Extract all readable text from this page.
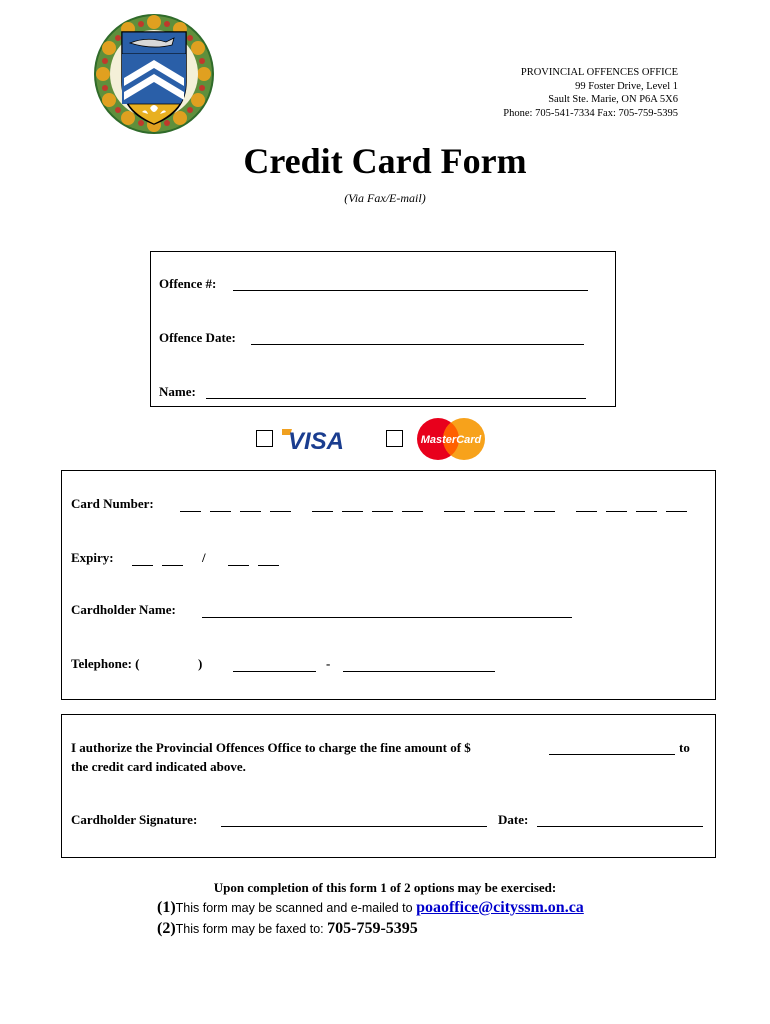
PROVINCIAL OFFENCES OFFICE
99 Foster Drive, Level 1
Sault Ste. Marie, ON P6A 5X6
Phone: 705-541-7334 Fax: 705-759-5395
Credit Card Form
(Via Fax/E-mail)
Offence #:
Offence Date:
Name:
VISA	MasterCard
Card Number:
Expiry:	/
Cardholder Name:
Telephone: (	)	-
I authorize the Provincial Offences Office to charge the fine amount of $	to
the credit card indicated above.
Cardholder Signature:	Date:
Upon completion of this form 1 of 2 options may be exercised:
(1)This form may be scanned and e-mailed to poaoffice@cityssm.on.ca
(2)This form may be faxed to: 705-759-5395
